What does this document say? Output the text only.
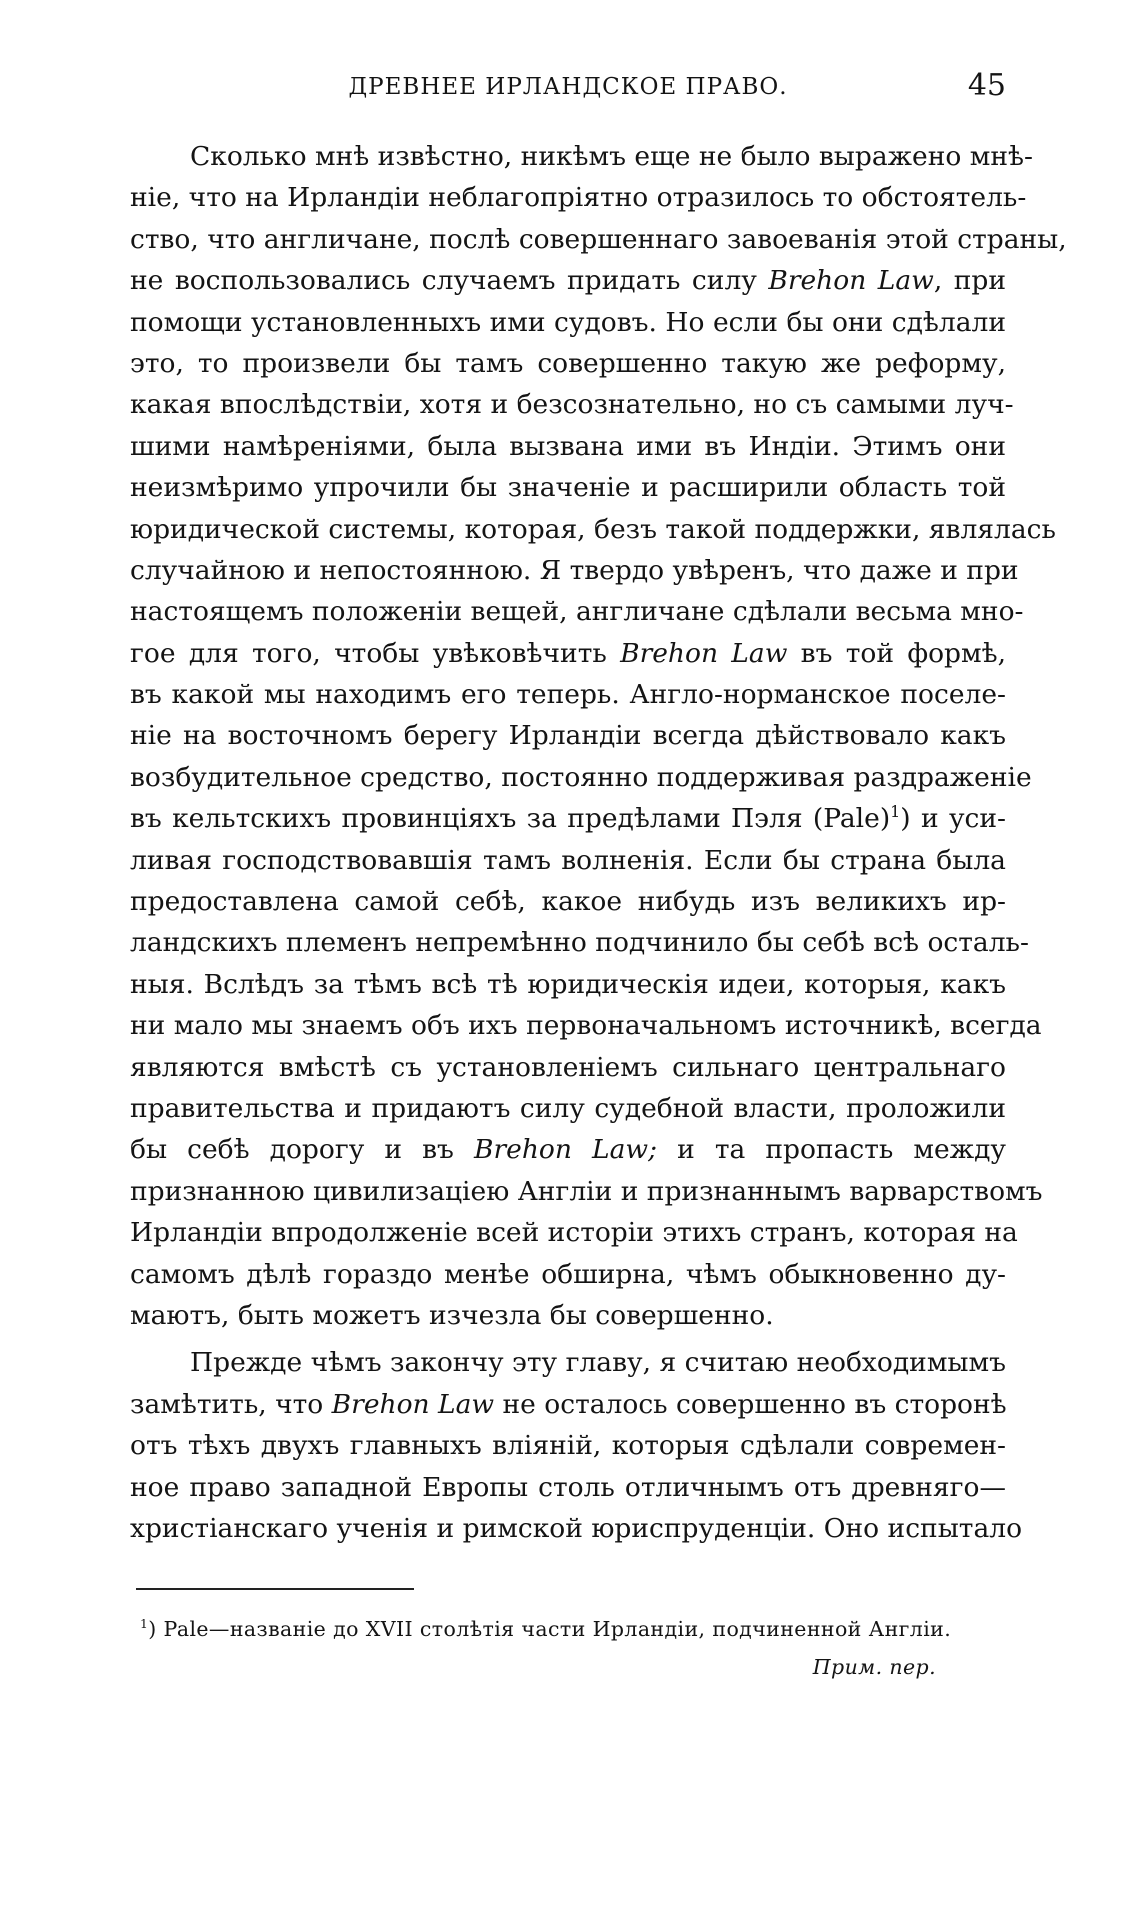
ДРЕВНЕЕ ИРЛАНДСКОЕ ПРАВО.	45
Сколько мнѣ извѣстно, никѣмъ еще не было выражено мнѣ-
ніе, что на Ирландіи неблагопріятно отразилось то обстоятель-
ство, что англичане, послѣ совершеннаго завоеванія этой страны,
не воспользовались случаемъ придать силу Brehon Law, при
помощи установленныхъ ими судовъ. Но если бы они сдѣлали
это, то произвели бы тамъ совершенно такую же реформу,
какая впослѣдствіи, хотя и безсознательно, но съ самыми луч-
шими намѣреніями, была вызвана ими въ Индіи. Этимъ они
неизмѣримо упрочили бы значеніе и расширили область той
юридической системы, которая, безъ такой поддержки, являлась
случайною и непостоянною. Я твердо увѣренъ, что даже и при
настоящемъ положеніи вещей, англичане сдѣлали весьма мно-
гое для того, чтобы увѣковѣчить Brehon Law въ той формѣ,
въ какой мы находимъ его теперь. Англо-норманское поселе-
ніе на восточномъ берегу Ирландіи всегда дѣйствовало какъ
возбудительное средство, постоянно поддерживая раздраженіе
въ кельтскихъ провинціяхъ за предѣлами Пэля (Pale)$^1$) и уси-
ливая господствовавшія тамъ волненія. Если бы страна была
предоставлена самой себѣ, какое нибудь изъ великихъ ир-
ландскихъ племенъ непремѣнно подчинило бы себѣ всѣ осталь-
ныя. Вслѣдъ за тѣмъ всѣ тѣ юридическія идеи, которыя, какъ
ни мало мы знаемъ объ ихъ первоначальномъ источникѣ, всегда
являются вмѣстѣ съ установленіемъ сильнаго центральнаго
правительства и придаютъ силу судебной власти, проложили
бы себѣ дорогу и въ Brehon Law; и та пропасть между
признанною цивилизаціею Англіи и признаннымъ варварствомъ
Ирландіи впродолженіе всей исторіи этихъ странъ, которая на
самомъ дѣлѣ гораздо менѣе обширна, чѣмъ обыкновенно ду-
маютъ, быть можетъ изчезла бы совершенно.
Прежде чѣмъ закончу эту главу, я считаю необходимымъ
замѣтить, что Brehon Law не осталось совершенно въ сторонѣ
отъ тѣхъ двухъ главныхъ вліяній, которыя сдѣлали современ-
ное право западной Европы столь отличнымъ отъ древняго—
христіанскаго ученія и римской юриспруденціи. Оно испытало
$^1$) Pale—названіе до XVII столѣтія части Ирландіи, подчиненной Англіи.
Прим. пер.
